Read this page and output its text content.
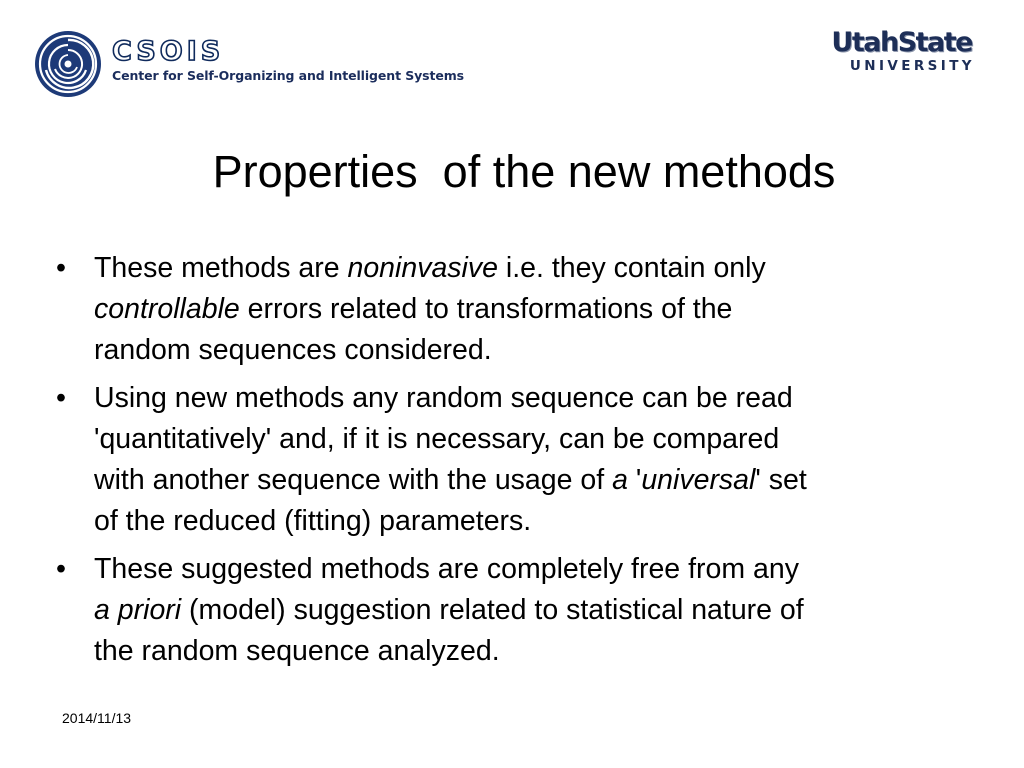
CSOIS
Center for Self-Organizing and Intelligent Systems
UtahState
UNIVERSITY
Properties  of the new methods
• These methods are noninvasive i.e. they contain only
controllable errors related to transformations of the
random sequences considered.
• Using new methods any random sequence can be read
'quantitatively' and, if it is necessary, can be compared
with another sequence with the usage of a 'universal' set
of the reduced (fitting) parameters.
• These suggested methods are completely free from any
a priori (model) suggestion related to statistical nature of
the random sequence analyzed.
2014/11/13
